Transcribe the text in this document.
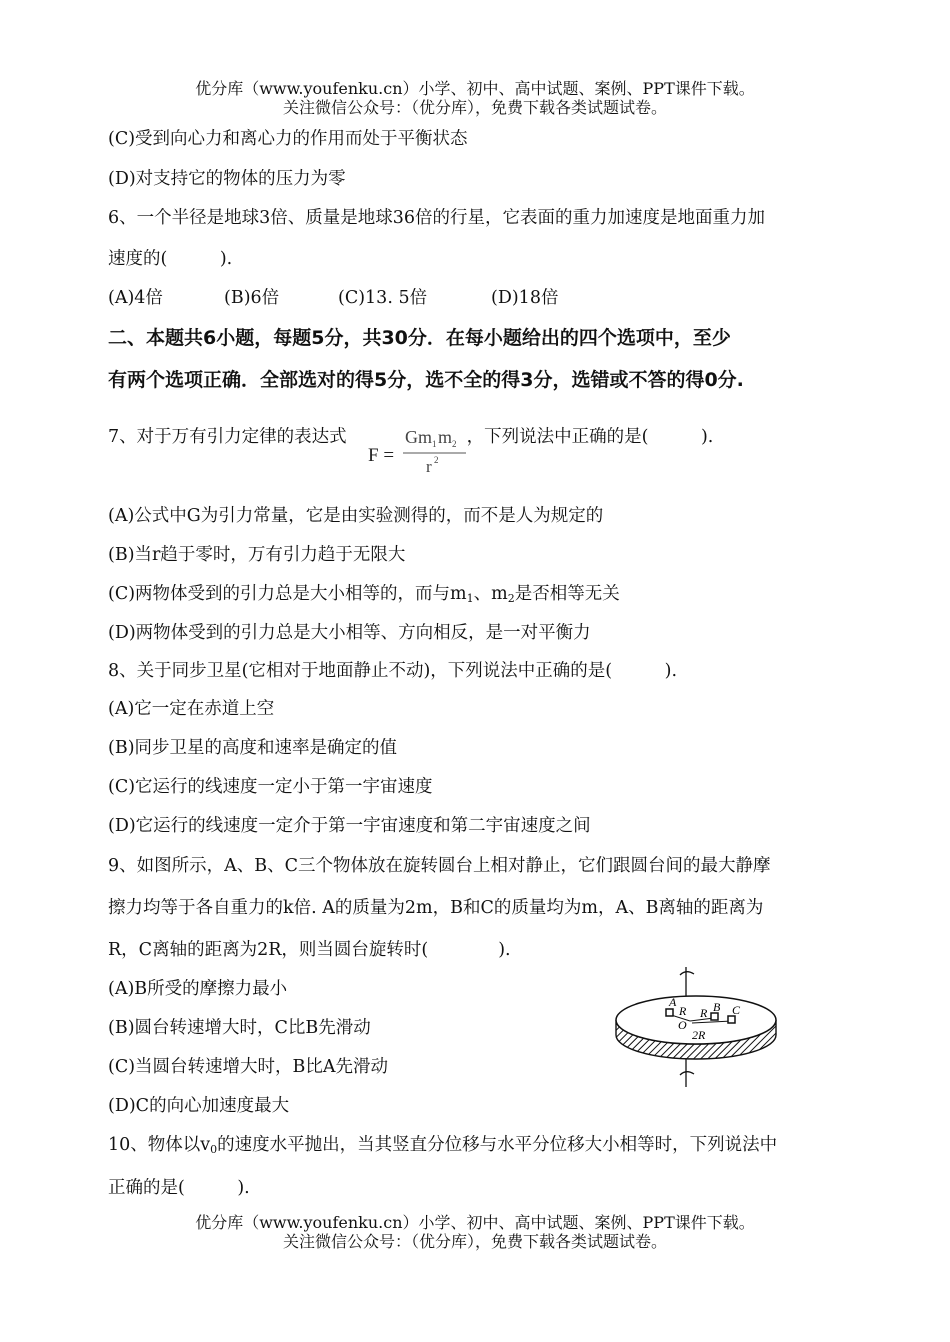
优分库（www.youfenku.cn）小学、初中、高中试题、案例、PPT课件下载。
关注微信公众号：（优分库），免费下载各类试题试卷。
(C)受到向心力和离心力的作用而处于平衡状态
(D)对支持它的物体的压力为零
6、一个半径是地球3倍、质量是地球36倍的行星，它表面的重力加速度是地面重力加
速度的(　　　).
(A)4倍	(B)6倍	(C)13. 5倍	(D)18倍
二、本题共6小题，每题5分，共30分．在每小题给出的四个选项中，至少
有两个选项正确．全部选对的得5分，选不全的得3分，选错或不答的得0分.
7、对于万有引力定律的表达式	，下列说法中正确的是(　　　).
F =
Gm 1 m 2
r 2
(A)公式中G为引力常量，它是由实验测得的，而不是人为规定的
(B)当r趋于零时，万有引力趋于无限大
(C)两物体受到的引力总是大小相等的，而与$m_1$、$m_2$是否相等无关
(D)两物体受到的引力总是大小相等、方向相反，是一对平衡力
8、关于同步卫星(它相对于地面静止不动)，下列说法中正确的是(　　　).
(A)它一定在赤道上空
(B)同步卫星的高度和速率是确定的值
(C)它运行的线速度一定小于第一宇宙速度
(D)它运行的线速度一定介于第一宇宙速度和第二宇宙速度之间
9、如图所示，A、B、C三个物体放在旋转圆台上相对静止，它们跟圆台间的最大静摩
擦力均等于各自重力的k倍. A的质量为2m，B和C的质量均为m，A、B离轴的距离为
R，C离轴的距离为2R，则当圆台旋转时(　　　　).
(A)B所受的摩擦力最小
(B)圆台转速增大时，C比B先滑动
(C)当圆台转速增大时，B比A先滑动
(D)C的向心加速度最大
A
R R B C
O
2R
10、物体以$v_0$的速度水平抛出，当其竖直分位移与水平分位移大小相等时，下列说法中
正确的是(　　　).
优分库（www.youfenku.cn）小学、初中、高中试题、案例、PPT课件下载。
关注微信公众号：（优分库），免费下载各类试题试卷。
